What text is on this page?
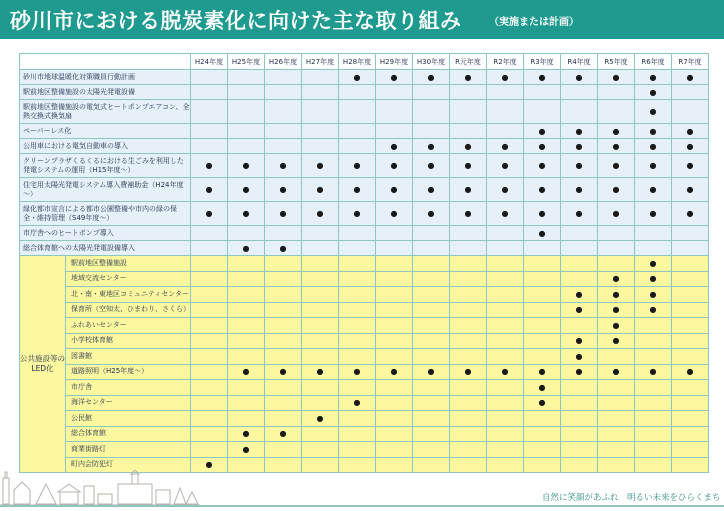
砂川市における脱炭素化に向けた主な取り組み	（実施または計画）
		H24年度	H25年度	H26年度	H27年度	H28年度	H29年度	H30年度	R元年度	R2年度	R3年度	R4年度	R5年度	R6年度	R7年度
砂川市地球温暖化対策職員行動計画						●	●	●	●	●	●	●	●	●	●
駅前地区整備施設の太陽光発電設備														●	
駅前地区整備施設の電気式ヒートポンプエアコン、全熱交換式換気扇														●	
ペーパーレス化											●	●	●	●	●
公用車における電気自動車の導入							●	●	●	●	●	●	●	●	●
クリーンプラザくるくるにおける生ごみを利用した発電システムの運用（H15年度～）		●	●	●	●	●	●	●	●	●	●	●	●	●	●
住宅用太陽光発電システム導入費補助金（H24年度～）		●	●	●	●	●	●	●	●	●	●	●	●	●	●
緑化都市宣言による都市公園整備や市内の緑の保全・維持管理（S49年度～）		●	●	●	●	●	●	●	●	●	●	●	●	●	●
市庁舎へのヒートポンプ導入											●				
総合体育館への太陽光発電設備導入			●	●											

公共施設等の
LED化	駅前地区整備施設													●	
	地域交流センター												●	●	
	北・南・東地区コミュニティセンター											●	●	●	
	保育所（空知太、ひまわり、さくら）											●	●	●	
	ふれあいセンター												●		
	小学校体育館											●	●		
	図書館											●			
	道路照明（H25年度～）		●	●	●	●	●	●	●	●	●	●	●	●	●
	市庁舎										●				
	海洋センター					●					●				
	公民館				●										
	総合体育館		●	●											
	商業街路灯		●												
	町内会防犯灯	●													
自然に笑顔があふれ　明るい未来をひらくまち
